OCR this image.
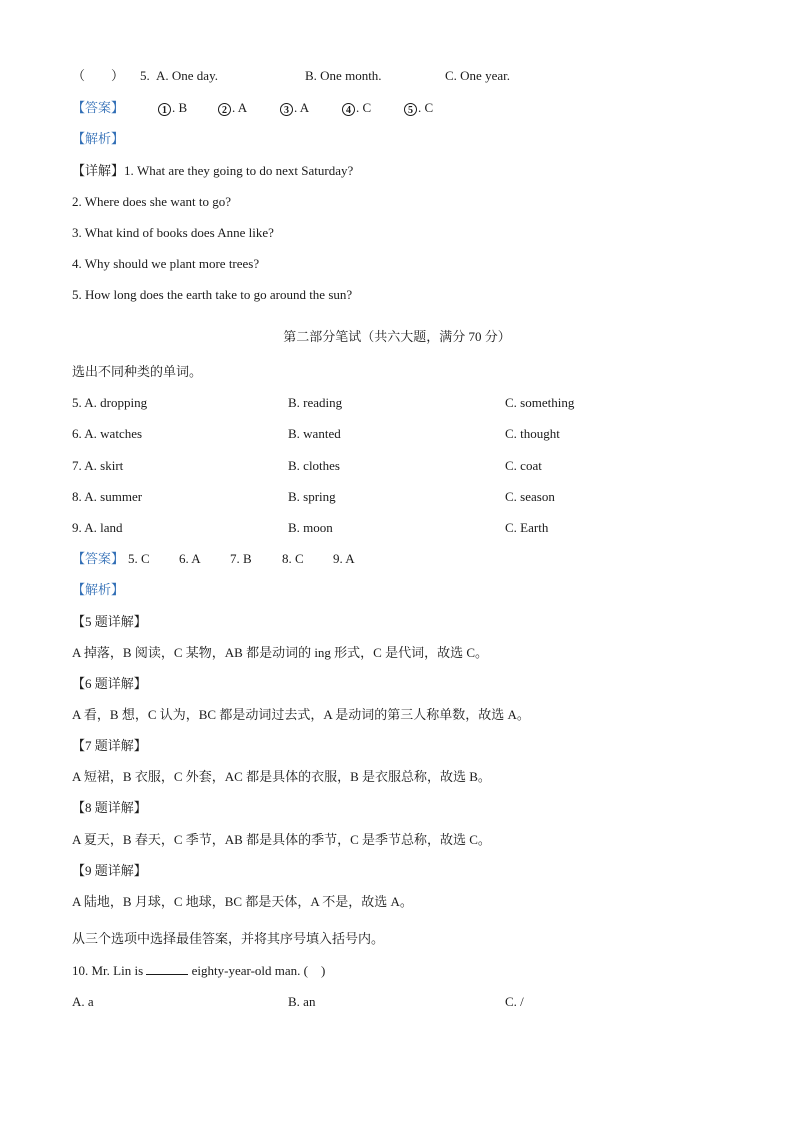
（　　） 5. A. One day.	B. One month.	C. One year.
【答案】	1 . B	2 . A	3 . A	4 . C	5 . C
【解析】
【详解】1. What are they going to do next Saturday?
2. Where does she want to go?
3. What kind of books does Anne like?
4. Why should we plant more trees?
5. How long does the earth take to go around the sun?
第二部分笔试（共六大题，满分 70 分）
选出不同种类的单词。
5. A. dropping	B. reading	C. something
6. A. watches	B. wanted	C. thought
7. A. skirt	B. clothes	C. coat
8. A. summer	B. spring	C. season
9. A. land	B. moon	C. Earth
【答案】 5. C 6. A 7. B 8. C 9. A
【解析】
【5 题详解】
A 掉落，B 阅读，C 某物，AB 都是动词的 ing 形式，C 是代词，故选 C。
【6 题详解】
A 看，B 想，C 认为，BC 都是动词过去式，A 是动词的第三人称单数，故选 A。
【7 题详解】
A 短裙，B 衣服，C 外套，AC 都是具体的衣服，B 是衣服总称，故选 B。
【8 题详解】
A 夏天，B 春天，C 季节，AB 都是具体的季节，C 是季节总称，故选 C。
【9 题详解】
A 陆地，B 月球，C 地球，BC 都是天体，A 不是，故选 A。
从三个选项中选择最佳答案，并将其序号填入括号内。
10. Mr. Lin is	eighty-year-old man. (　)
A. a	B. an	C. /
